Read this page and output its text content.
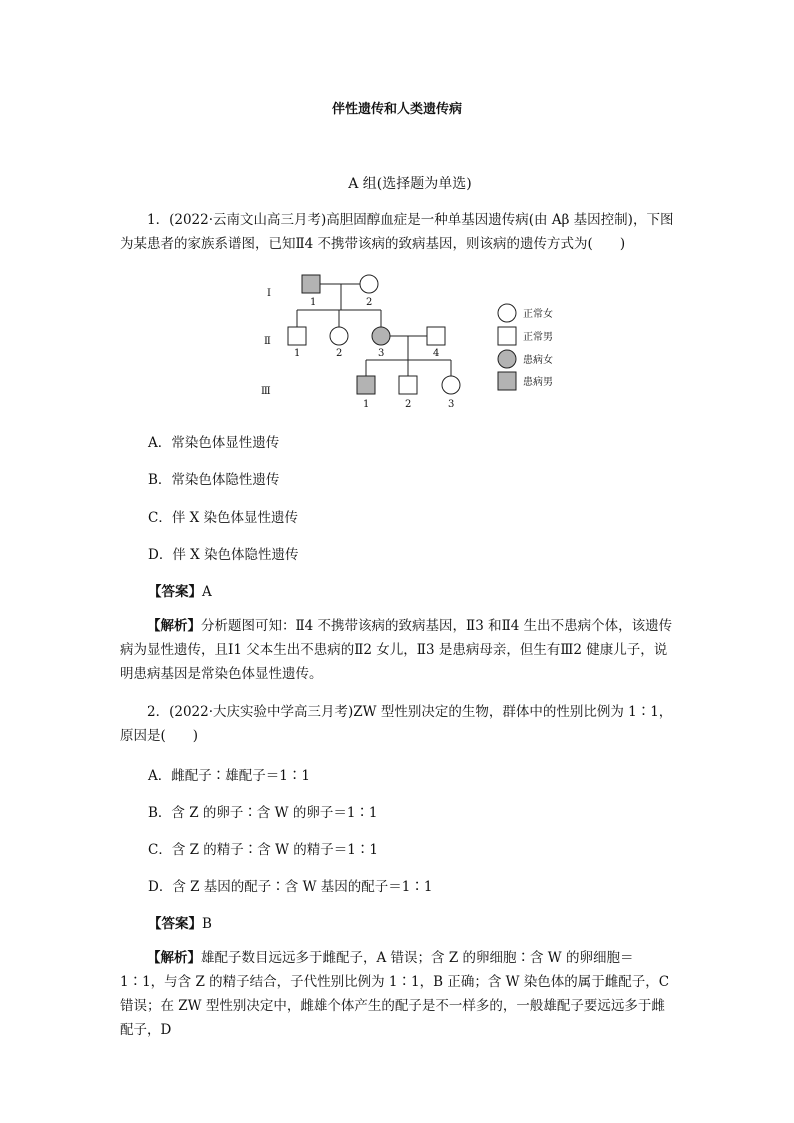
伴性遗传和人类遗传病
A 组(选择题为单选)

1．(2022·云南文山高三月考)高胆固醇血症是一种单基因遗传病(由 Aβ 基因控制)，下图为某患者的家族系谱图，已知Ⅱ4 不携带该病的致病基因，则该病的遗传方式为(　　)

Ⅰ
Ⅱ
Ⅲ
1	2
1	2	3	4
1	2	3
正常女
正常男
患病女
患病男
A．常染色体显性遗传
B．常染色体隐性遗传
C．伴 X 染色体显性遗传
D．伴 X 染色体隐性遗传
【答案】A

【解析】分析题图可知：Ⅱ4 不携带该病的致病基因，Ⅱ3 和Ⅱ4 生出不患病个体，该遗传病为显性遗传，且Ⅰ1 父本生出不患病的Ⅱ2 女儿，Ⅱ3 是患病母亲，但生有Ⅲ2 健康儿子，说明患病基因是常染色体显性遗传。

2．(2022·大庆实验中学高三月考)ZW 型性别决定的生物，群体中的性别比例为 1∶1，原因是(　　)

A．雌配子∶雄配子＝1∶1
B．含 Z 的卵子∶含 W 的卵子＝1∶1
C．含 Z 的精子∶含 W 的精子＝1∶1
D．含 Z 基因的配子∶含 W 基因的配子＝1∶1
【答案】B

【解析】雄配子数目远远多于雌配子，A 错误；含 Z 的卵细胞∶含 W 的卵细胞＝1∶1，与含 Z 的精子结合，子代性别比例为 1∶1，B 正确；含 W 染色体的属于雌配子，C 错误；在 ZW 型性别决定中，雌雄个体产生的配子是不一样多的，一般雄配子要远远多于雌配子，D
